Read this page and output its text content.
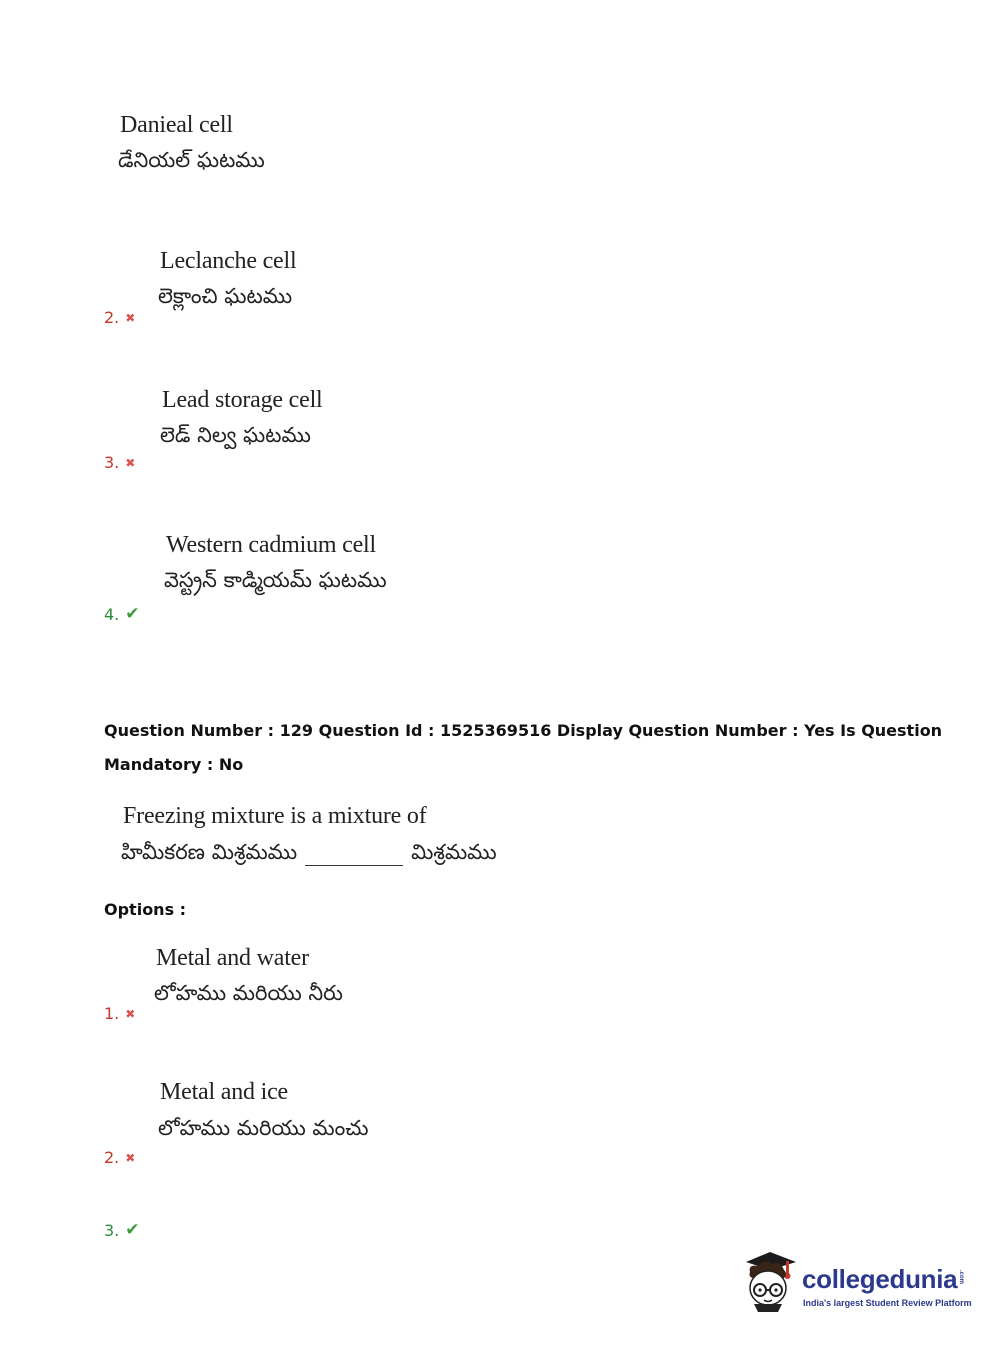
Danieal cell
డేనియల్ ఘటము
Leclanche cell
లెక్లాంచి ఘటము
2. ✖
Lead storage cell
లెడ్ నిల్వ ఘటము
3. ✖
Western cadmium cell
వెస్ట్రన్ కాడ్మియమ్ ఘటము
4. ✔
Question Number : 129 Question Id : 1525369516 Display Question Number : Yes Is Question
Mandatory : No
Freezing mixture is a mixture of
హిమీకరణ మిశ్రమము	మిశ్రమము
Options :
Metal and water
లోహము మరియు నీరు
1. ✖
Metal and ice
లోహము మరియు మంచు
2. ✖
3. ✔
collegedunia .com
India's largest Student Review Platform
